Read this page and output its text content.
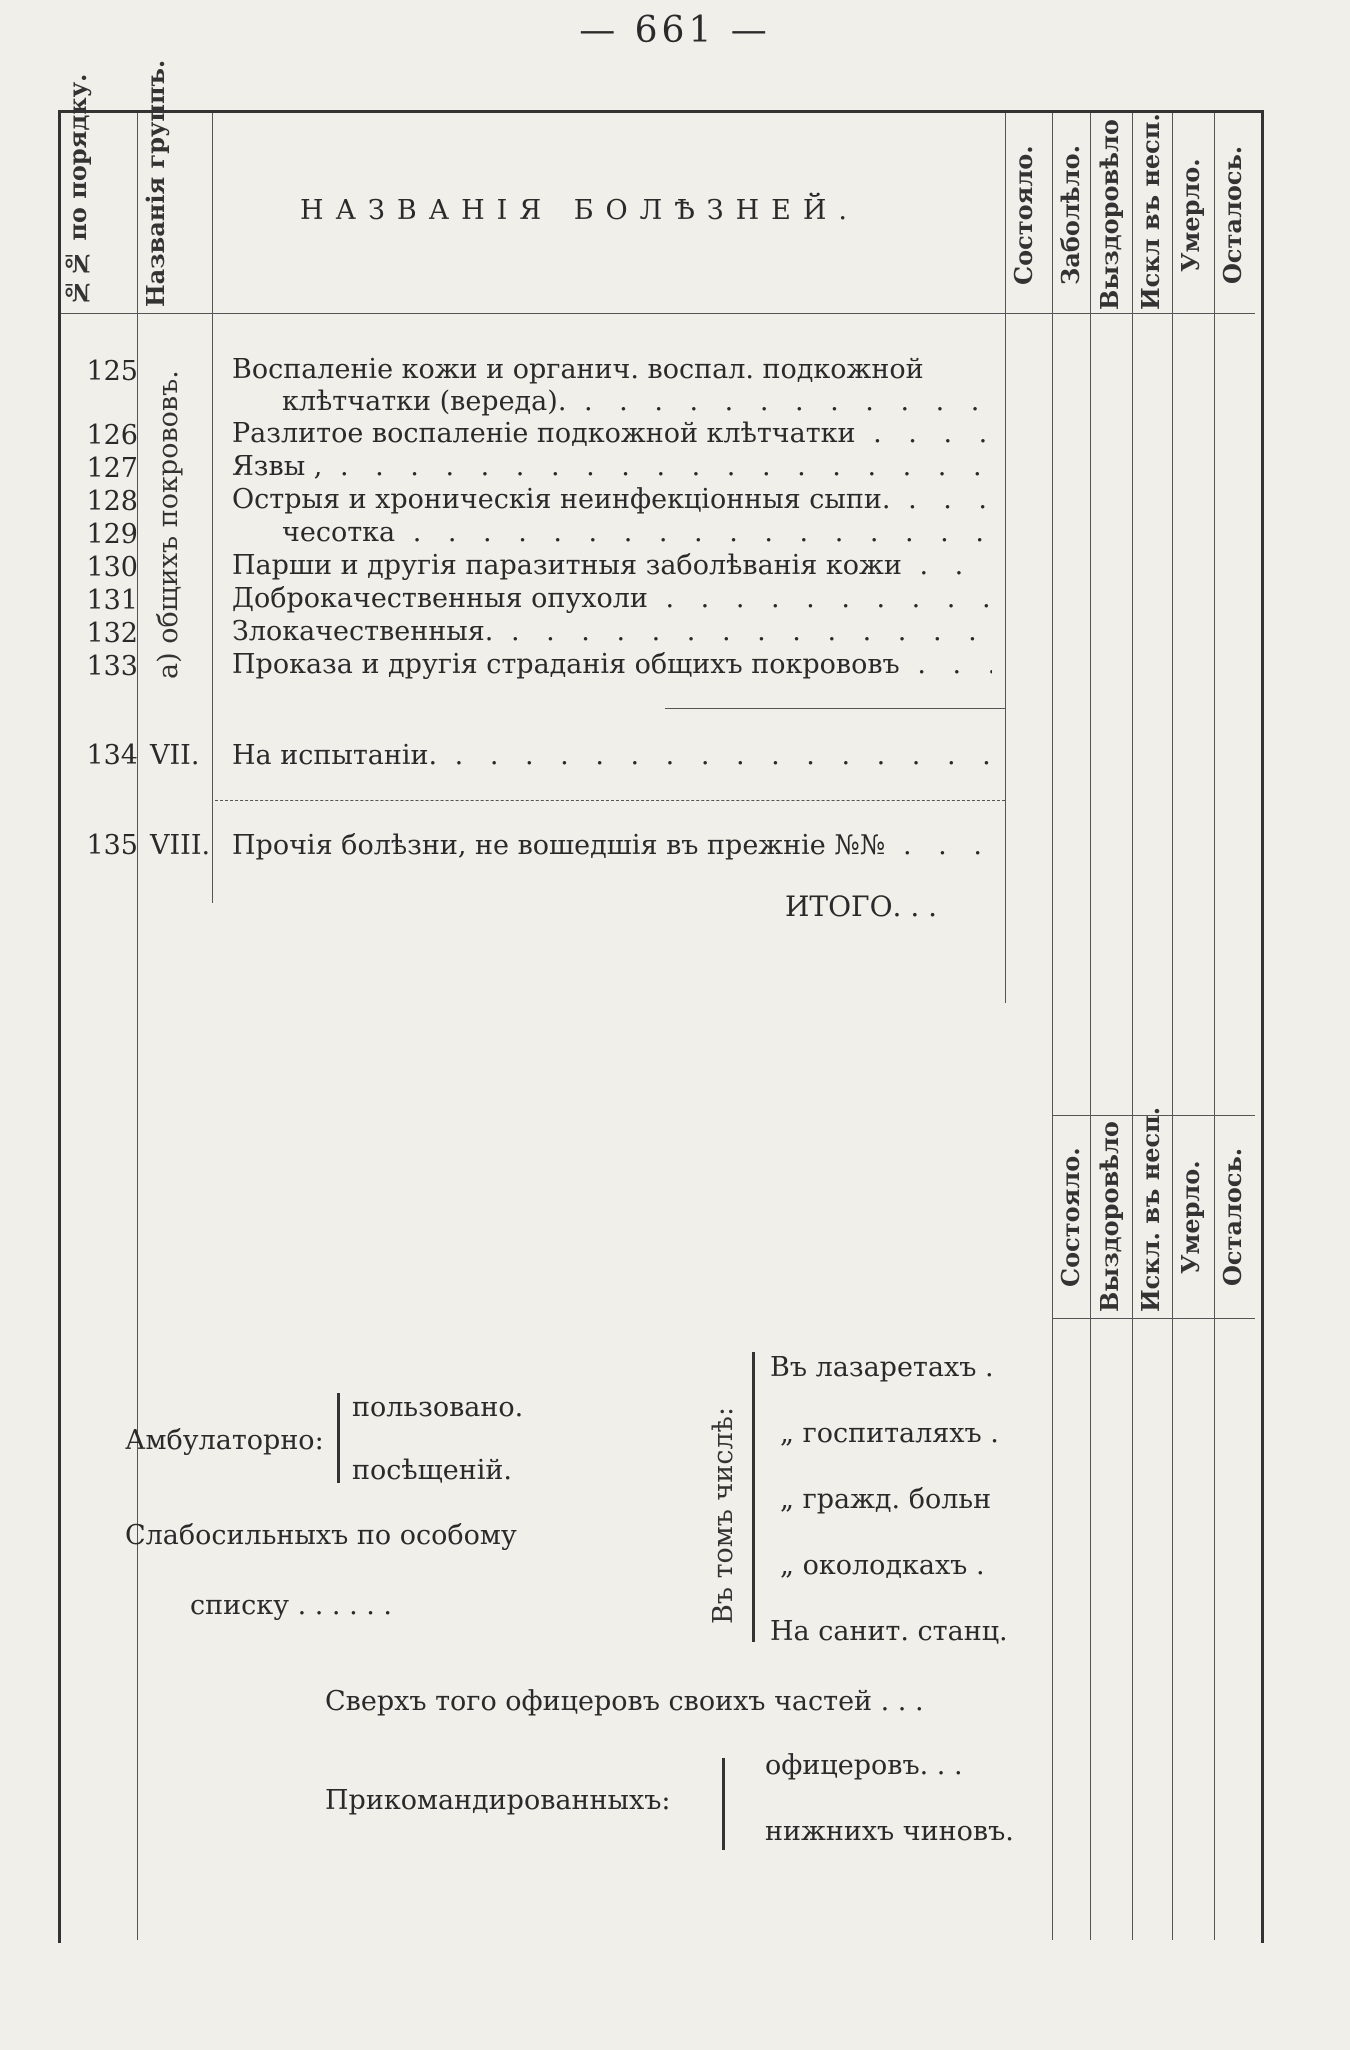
— 661 —
№№ по порядку. Названія группъ.	НАЗВАНІЯ БОЛѢЗНЕЙ.	Состояло. Заболѣло. Выздоровѣло Искл въ несп. Умерло. Осталось.
а) общихъ покрововъ.
125	Воспаленіе кожи и органич. воспал. подкожной
клѣтчатки (вереда). . . .
126	Разлитое воспаленіе подкожной клѣтчатки . . .
127	Язвы , . . .
128	Острыя и хроническія неинфекціонныя сыпи. . . .
129	чесотка . . .
130	Парши и другія паразитныя заболѣванія кожи . . .
131	Доброкачественныя опухоли . . .
132	Злокачественныя. . . .
133	Проказа и другія страданія общихъ покрововъ . . .
134 VII. На испытаніи. . . .
135 VIII. Прочія болѣзни, не вошедшія въ прежніе №№ . . .
ИТОГО. . .
Состояло. Выздоровѣло Искл. въ несп. Умерло. Осталось.
Амбулаторно:
пользовано.
посѣщеній.
Слабосильныхъ по особому
списку . . . . . .	Въ томъ числѣ:
Въ лазаретахъ .
„ госпиталяхъ .
„ гражд. больн
„ околодкахъ .
На санит. станц.
Сверхъ того офицеровъ своихъ частей . . .
Прикомандированныхъ:
офицеровъ. . .
нижнихъ чиновъ.
